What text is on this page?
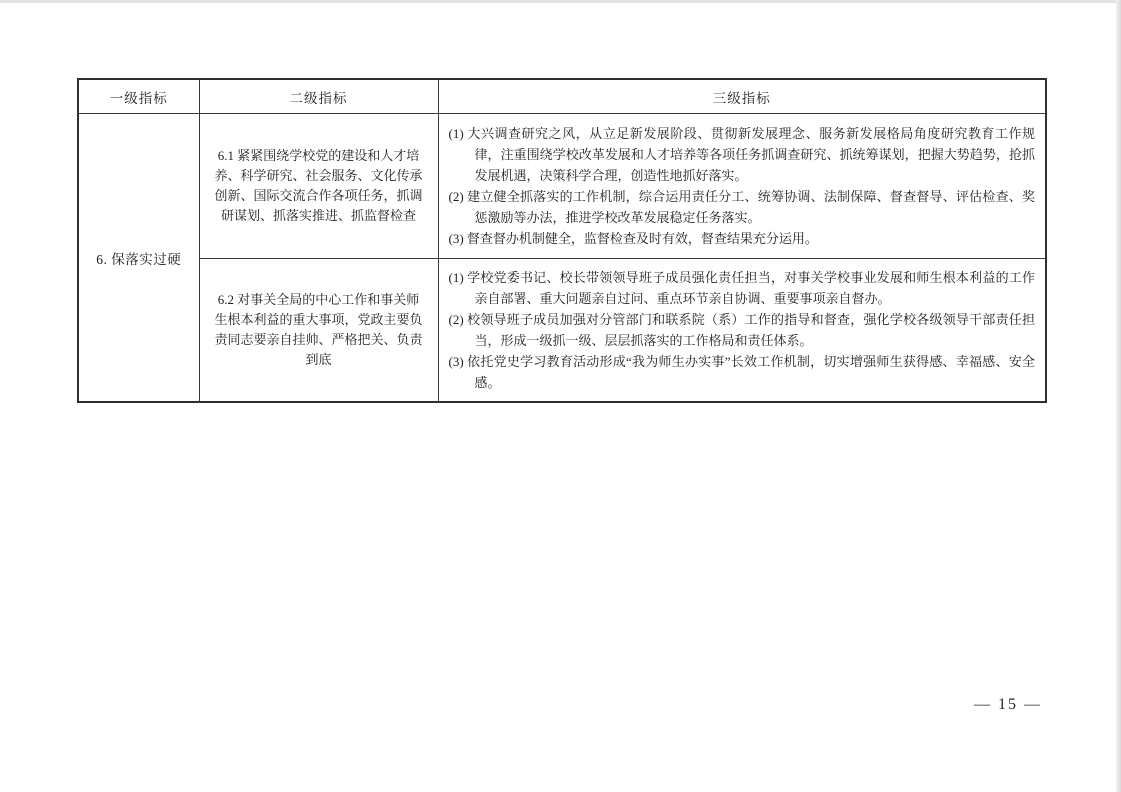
一级指标	二级指标	三级指标
6. 保落实过硬	6.1 紧紧围绕学校党的建设和人才培养、科学研究、社会服务、文化传承创新、国际交流合作各项任务，抓调研谋划、抓落实推进、抓监督检查	(1) 大兴调查研究之风，从立足新发展阶段、贯彻新发展理念、服务新发展格局角度研究教育工作规律，注重围绕学校改革发展和人才培养等各项任务抓调查研究、抓统筹谋划，把握大势趋势，抢抓发展机遇，决策科学合理，创造性地抓好落实。
(2) 建立健全抓落实的工作机制，综合运用责任分工、统筹协调、法制保障、督查督导、评估检查、奖惩激励等办法，推进学校改革发展稳定任务落实。
(3) 督查督办机制健全，监督检查及时有效，督查结果充分运用。

	6.2 对事关全局的中心工作和事关师生根本利益的重大事项，党政主要负责同志要亲自挂帅、严格把关、负责到底	(1) 学校党委书记、校长带领领导班子成员强化责任担当，对事关学校事业发展和师生根本利益的工作亲自部署、重大问题亲自过问、重点环节亲自协调、重要事项亲自督办。
(2) 校领导班子成员加强对分管部门和联系院（系）工作的指导和督查，强化学校各级领导干部责任担当，形成一级抓一级、层层抓落实的工作格局和责任体系。
(3) 依托党史学习教育活动形成“我为师生办实事”长效工作机制，切实增强师生获得感、幸福感、安全感。
— 15 —
